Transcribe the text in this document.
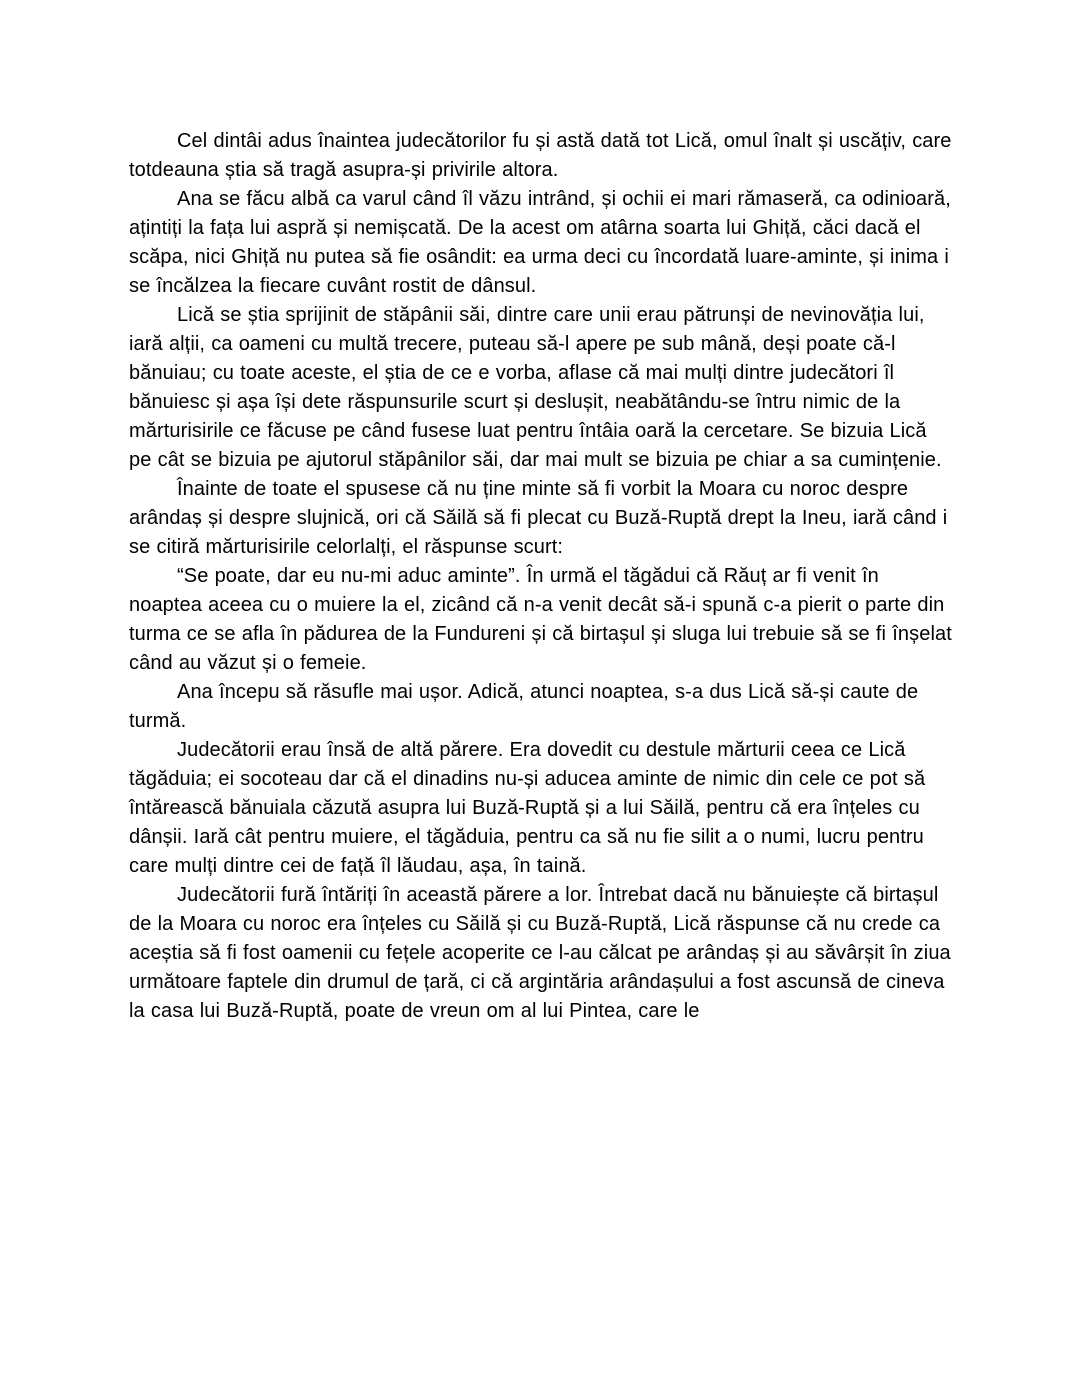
Cel dintâi adus înaintea judecătorilor fu și astă dată tot Lică, omul înalt și uscățiv, care totdeauna știa să tragă asupra-și privirile altora.

Ana se făcu albă ca varul când îl văzu intrând, și ochii ei mari rămaseră, ca odinioară, ațintiți la fața lui aspră și nemișcată. De la acest om atârna soarta lui Ghiță, căci dacă el scăpa, nici Ghiță nu putea să fie osândit: ea urma deci cu încordată luare-aminte, și inima i se încălzea la fiecare cuvânt rostit de dânsul.

Lică se știa sprijinit de stăpânii săi, dintre care unii erau pătrunși de nevinovăția lui, iară alții, ca oameni cu multă trecere, puteau să-l apere pe sub mână, deși poate că-l bănuiau; cu toate aceste, el știa de ce e vorba, aflase că mai mulți dintre judecători îl bănuiesc și așa își dete răspunsurile scurt și deslușit, neabătându-se întru nimic de la mărturisirile ce făcuse pe când fusese luat pentru întâia oară la cercetare. Se bizuia Lică pe cât se bizuia pe ajutorul stăpânilor săi, dar mai mult se bizuia pe chiar a sa cumințenie.

Înainte de toate el spusese că nu ține minte să fi vorbit la Moara cu noroc despre arândaș și despre slujnică, ori că Săilă să fi plecat cu Buză-Ruptă drept la Ineu, iară când i se citiră mărturisirile celorlalți, el răspunse scurt:

“Se poate, dar eu nu-mi aduc aminte”. În urmă el tăgădui că Răuț ar fi venit în noaptea aceea cu o muiere la el, zicând că n-a venit decât să-i spună c-a pierit o parte din turma ce se afla în pădurea de la Fundureni și că birtașul și sluga lui trebuie să se fi înșelat când au văzut și o femeie.

Ana începu să răsufle mai ușor. Adică, atunci noaptea, s-a dus Lică să-și caute de turmă.

Judecătorii erau însă de altă părere. Era dovedit cu destule mărturii ceea ce Lică tăgăduia; ei socoteau dar că el dinadins nu-și aducea aminte de nimic din cele ce pot să întărească bănuiala căzută asupra lui Buză-Ruptă și a lui Săilă, pentru că era înțeles cu dânșii. Iară cât pentru muiere, el tăgăduia, pentru ca să nu fie silit a o numi, lucru pentru care mulți dintre cei de față îl lăudau, așa, în taină.

Judecătorii fură întăriți în această părere a lor. Întrebat dacă nu bănuiește că birtașul de la Moara cu noroc era înțeles cu Săilă și cu Buză-Ruptă, Lică răspunse că nu crede ca aceștia să fi fost oamenii cu fețele acoperite ce l-au călcat pe arândaș și au săvârșit în ziua următoare faptele din drumul de țară, ci că argintăria arândașului a fost ascunsă de cineva la casa lui Buză-Ruptă, poate de vreun om al lui Pintea, care le
